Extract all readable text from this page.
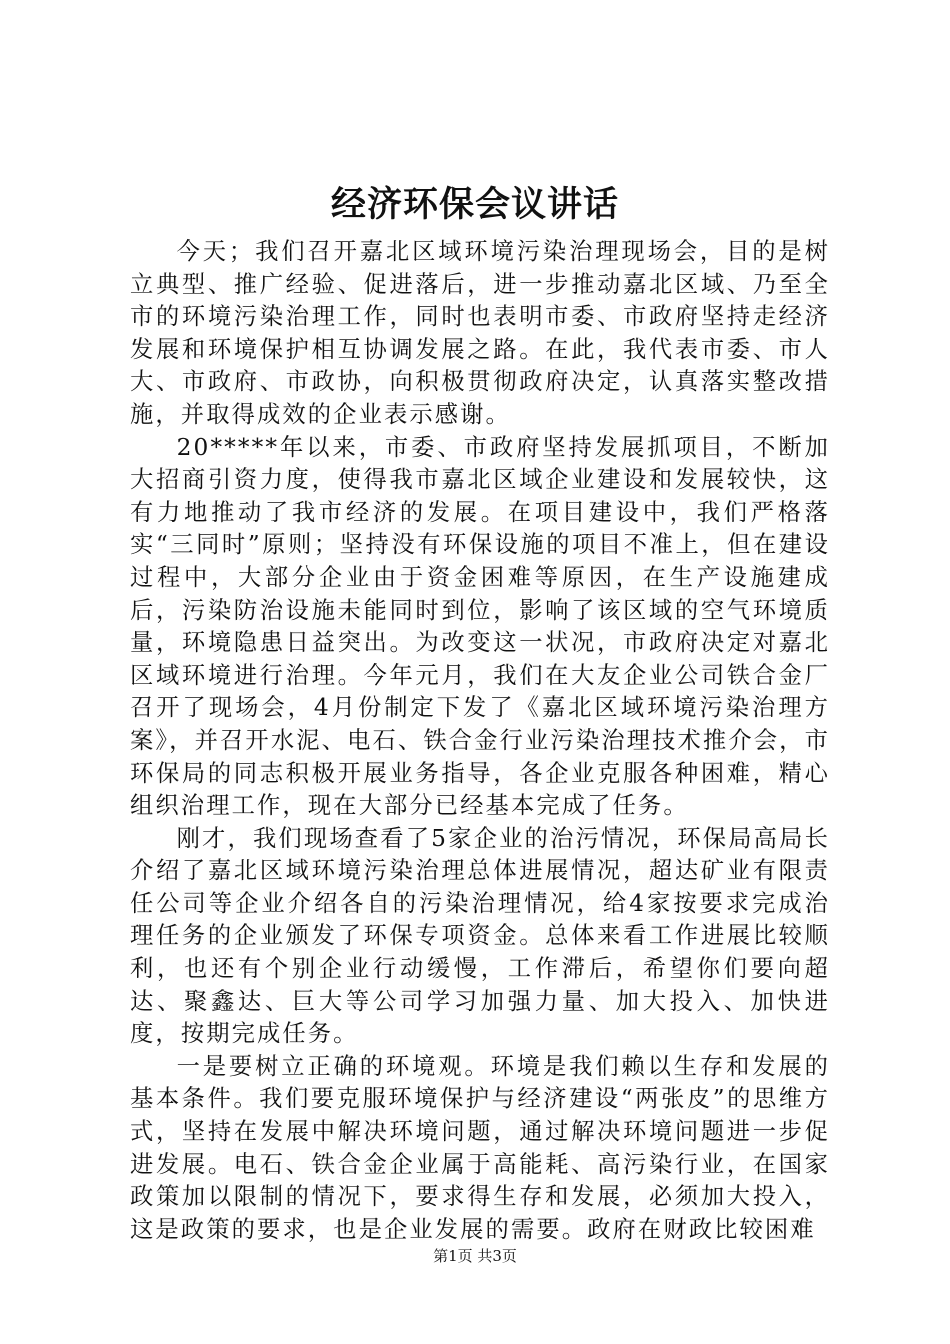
经济环保会议讲话

今天；我们召开嘉北区域环境污染治理现场会，目的是树立典型、推广经验、促进落后，进一步推动嘉北区域、乃至全市的环境污染治理工作，同时也表明市委、市政府坚持走经济发展和环境保护相互协调发展之路。在此，我代表市委、市人大、市政府、市政协，向积极贯彻政府决定，认真落实整改措施，并取得成效的企业表示感谢。

20*****年以来，市委、市政府坚持发展抓项目，不断加大招商引资力度，使得我市嘉北区域企业建设和发展较快，这有力地推动了我市经济的发展。在项目建设中，我们严格落实“三同时”原则；坚持没有环保设施的项目不准上，但在建设过程中，大部分企业由于资金困难等原因，在生产设施建成后，污染防治设施未能同时到位，影响了该区域的空气环境质量，环境隐患日益突出。为改变这一状况，市政府决定对嘉北区域环境进行治理。今年元月，我们在大友企业公司铁合金厂召开了现场会，4月份制定下发了《嘉北区域环境污染治理方案》，并召开水泥、电石、铁合金行业污染治理技术推介会，市环保局的同志积极开展业务指导，各企业克服各种困难，精心组织治理工作，现在大部分已经基本完成了任务。

刚才，我们现场查看了5家企业的治污情况，环保局高局长介绍了嘉北区域环境污染治理总体进展情况，超达矿业有限责任公司等企业介绍各自的污染治理情况，给4家按要求完成治理任务的企业颁发了环保专项资金。总体来看工作进展比较顺利，也还有个别企业行动缓慢，工作滞后，希望你们要向超达、聚鑫达、巨大等公司学习加强力量、加大投入、加快进度，按期完成任务。

一是要树立正确的环境观。环境是我们赖以生存和发展的基本条件。我们要克服环境保护与经济建设“两张皮”的思维方式，坚持在发展中解决环境问题，通过解决环境问题进一步促进发展。电石、铁合金企业属于高能耗、高污染行业，在国家政策加以限制的情况下，要求得生存和发展，必须加大投入，这是政策的要求，也是企业发展的需要。政府在财政比较困难

第1页 共3页
